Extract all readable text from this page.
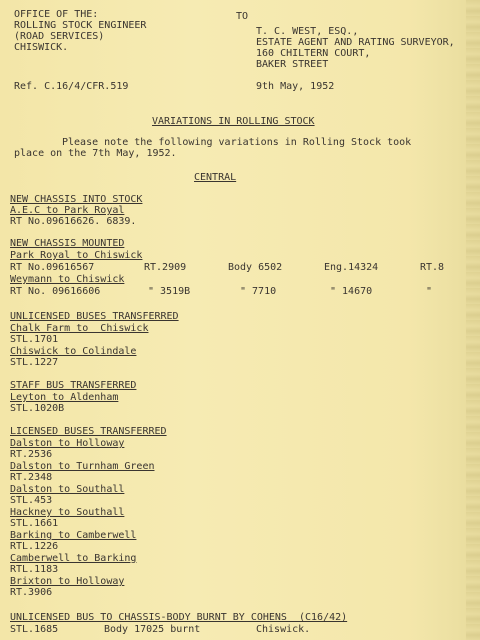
OFFICE OF THE:
ROLLING STOCK ENGINEER
(ROAD SERVICES)
CHISWICK.
TO
T. C. WEST, ESQ.,
ESTATE AGENT AND RATING SURVEYOR,
160 CHILTERN COURT,
BAKER STREET
Ref. C.16/4/CFR.519	9th May, 1952
VARIATIONS IN ROLLING STOCK
Please note the following variations in Rolling Stock took
place on the 7th May, 1952.
CENTRAL
NEW CHASSIS INTO STOCK
A.E.C to Park Royal
RT No.09616626. 6839.
NEW CHASSIS MOUNTED
Park Royal to Chiswick
RT No.09616567	RT.2909	Body 6502	Eng.14324	RT.8
Weymann to Chiswick
RT No. 09616606	" 3519B	" 7710	" 14670	"
UNLICENSED BUSES TRANSFERRED
Chalk Farm to  Chiswick
STL.1701
Chiswick to Colindale
STL.1227
STAFF BUS TRANSFERRED
Leyton to Aldenham
STL.1020B
LICENSED BUSES TRANSFERRED
Dalston to Holloway
RT.2536
Dalston to Turnham Green
RT.2348
Dalston to Southall
STL.453
Hackney to Southall
STL.1661
Barking to Camberwell
RTL.1226
Camberwell to Barking
RTL.1183
Brixton to Holloway
RT.3906
UNLICENSED BUS TO CHASSIS-BODY BURNT BY COHENS  (C16/42)
STL.1685	Body 17025 burnt	Chiswick.
